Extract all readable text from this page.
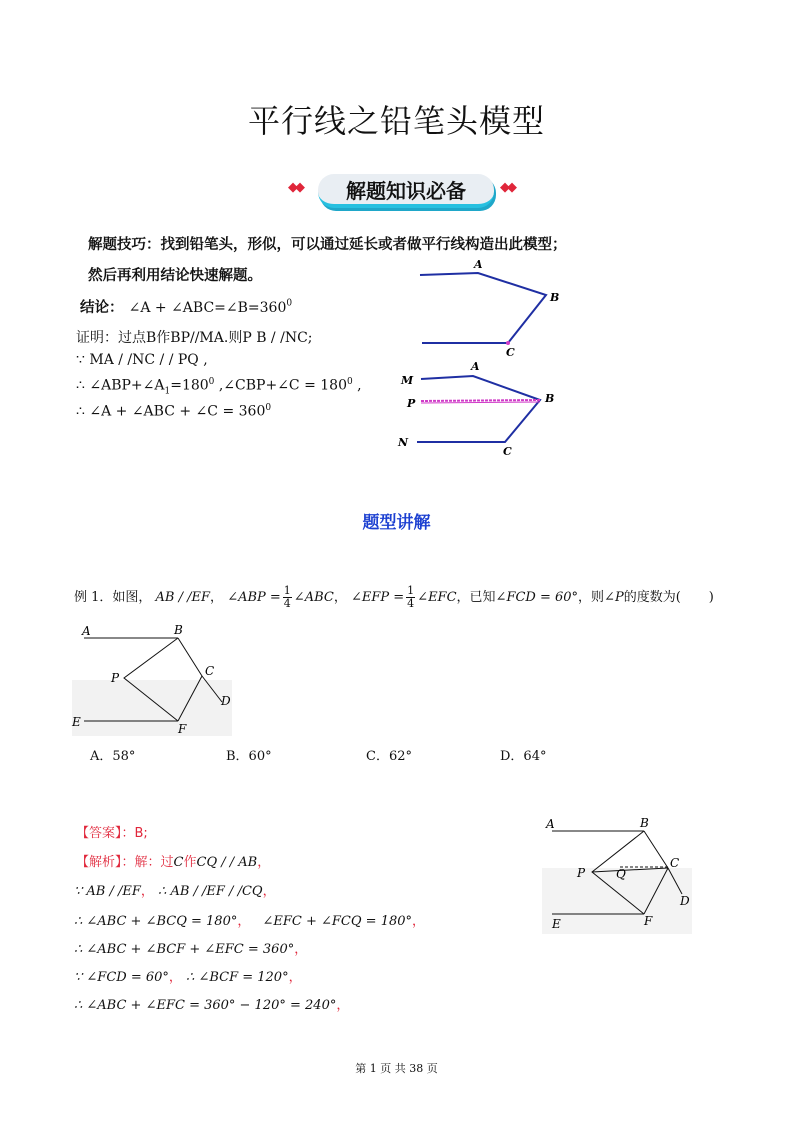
平行线之铅笔头模型
◆◆	解题知识必备	◆◆
解题技巧：找到铅笔头，形似，可以通过延长或者做平行线构造出此模型；
然后再利用结论快速解题。
结论： ∠A + $\angle ABC=\angle B=360^0$
证明：过点B作BP//MA.则P B / /NC;
∵ MA / /NC / / PQ ,
∴ $\angle ABP+\angle A_1=180^0$ ,∠CBP+∠C = $180^0$ ,
∴ ∠A + ∠ABC + ∠C = $360^0$
A
B
C
M
A
P	B
N
C
题型讲解
例 1．如图， AB / /EF， ∠ABP = $\frac{1}{4}$ ∠ABC， ∠EFP = $\frac{1}{4}$ ∠EFC，已知∠FCD = 60°，则∠P的度数为( )
A	B
C
P
D
E	F
A．58°	B．60°	C．62°	D．64°
【答案】：B;
【解析】：解：过C作CQ / / AB，
∵ AB / /EF， ∴ AB / /EF / /CQ，
∴ ∠ABC + ∠BCQ = 180°， ∠EFC + ∠FCQ = 180°，
∴ ∠ABC + ∠BCF + ∠EFC = 360°，
∵ ∠FCD = 60°， ∴ ∠BCF = 120°，
∴ ∠ABC + ∠EFC = 360° − 120° = 240°，
A	B
C
P	Q
D
E	F
第 1 页 共 38 页
